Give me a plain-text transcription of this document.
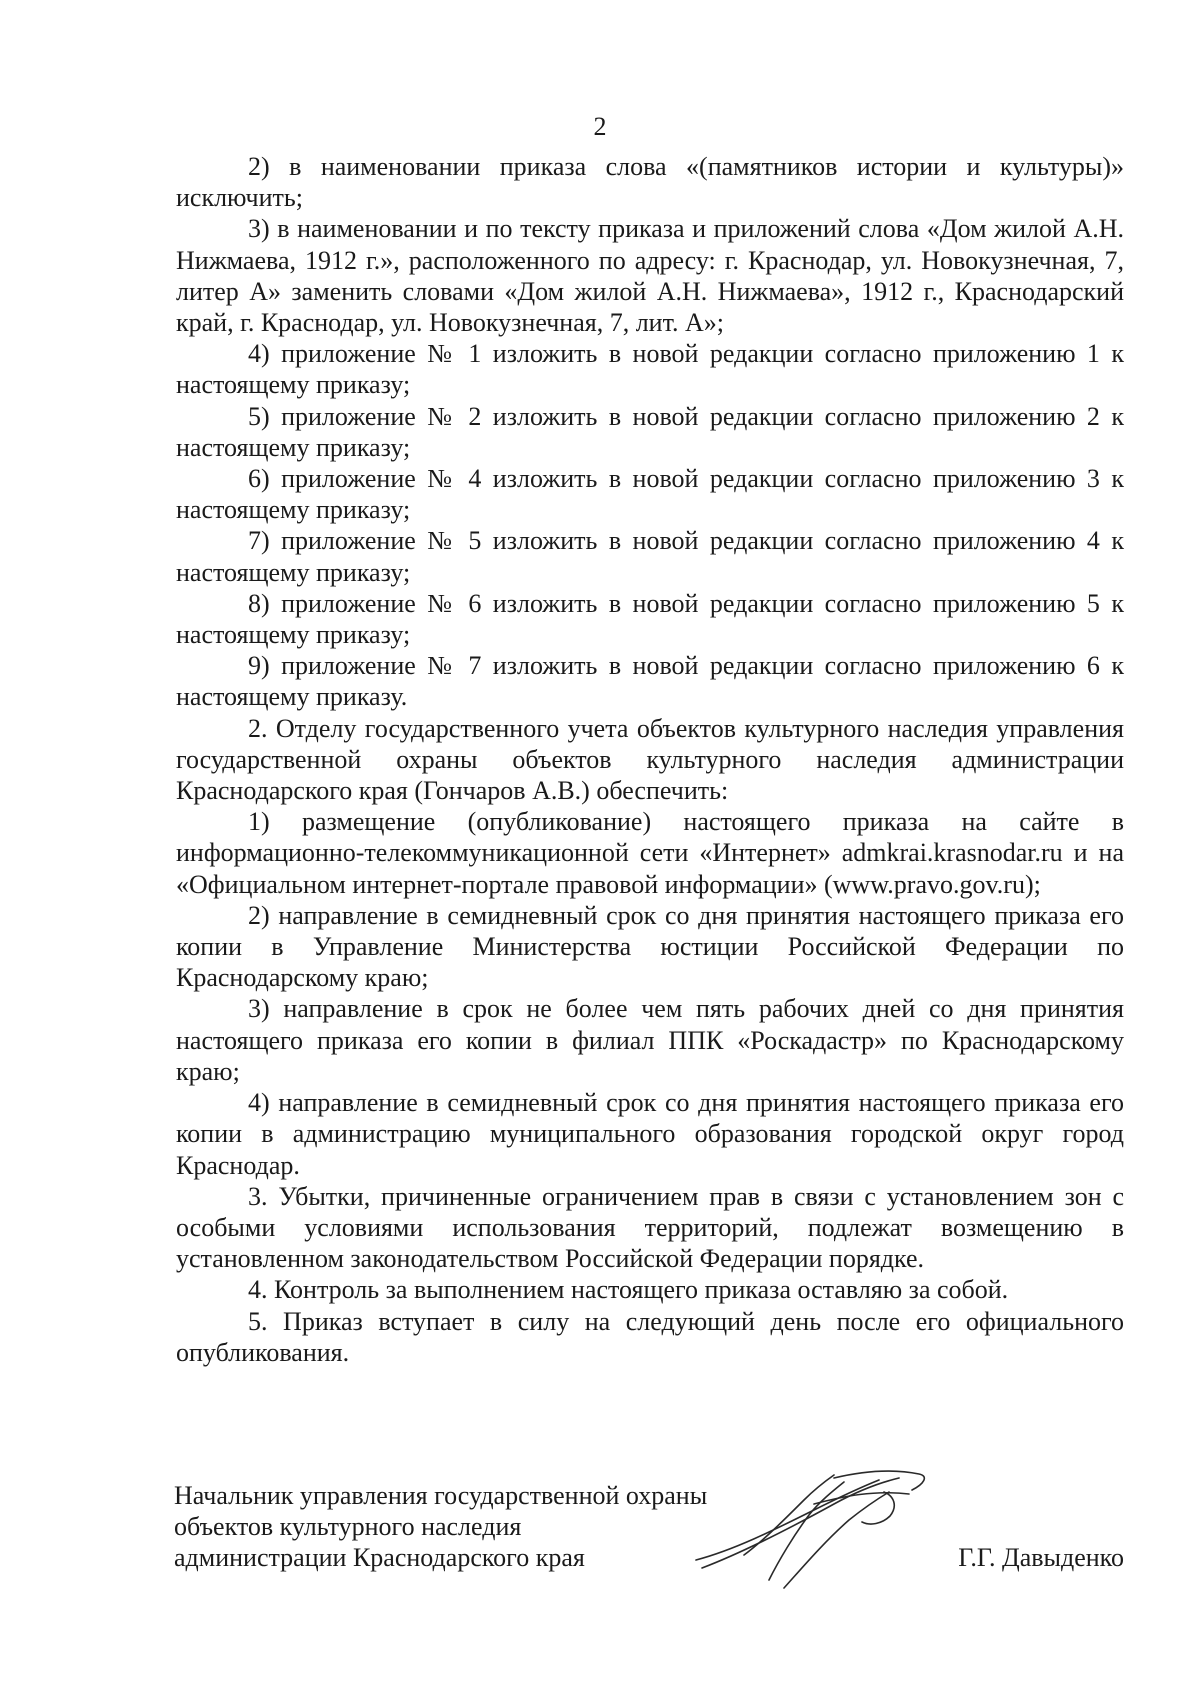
2

2) в наименовании приказа слова «(памятников истории и культуры)» исключить;

3) в наименовании и по тексту приказа и приложений слова «Дом жилой А.Н. Нижмаева, 1912 г.», расположенного по адресу: г. Краснодар, ул. Новокузнечная, 7, литер А» заменить словами «Дом жилой А.Н. Нижмаева», 1912 г., Краснодарский край, г. Краснодар, ул. Новокузнечная, 7, лит. А»;

4) приложение № 1 изложить в новой редакции согласно приложению 1 к настоящему приказу;

5) приложение № 2 изложить в новой редакции согласно приложению 2 к настоящему приказу;

6) приложение № 4 изложить в новой редакции согласно приложению 3 к настоящему приказу;

7) приложение № 5 изложить в новой редакции согласно приложению 4 к настоящему приказу;

8) приложение № 6 изложить в новой редакции согласно приложению 5 к настоящему приказу;

9) приложение № 7 изложить в новой редакции согласно приложению 6 к настоящему приказу.

2. Отделу государственного учета объектов культурного наследия управления государственной охраны объектов культурного наследия администрации Краснодарского края (Гончаров А.В.) обеспечить:

1) размещение (опубликование) настоящего приказа на сайте в информационно-телекоммуникационной сети «Интернет» admkrai.krasnodar.ru и на «Официальном интернет-портале правовой информации» (www.pravo.gov.ru);

2) направление в семидневный срок со дня принятия настоящего приказа его копии в Управление Министерства юстиции Российской Федерации по Краснодарскому краю;

3) направление в срок не более чем пять рабочих дней со дня принятия настоящего приказа его копии в филиал ППК «Роскадастр» по Краснодарскому краю;

4) направление в семидневный срок со дня принятия настоящего приказа его копии в администрацию муниципального образования городской округ город Краснодар.

3. Убытки, причиненные ограничением прав в связи с установлением зон с особыми условиями использования территорий, подлежат возмещению в установленном законодательством Российской Федерации порядке.

4. Контроль за выполнением настоящего приказа оставляю за собой.

5. Приказ вступает в силу на следующий день после его официального опубликования.

Начальник управления государственной охраны
объектов культурного наследия
администрации Краснодарского края	Г.Г. Давыденко
